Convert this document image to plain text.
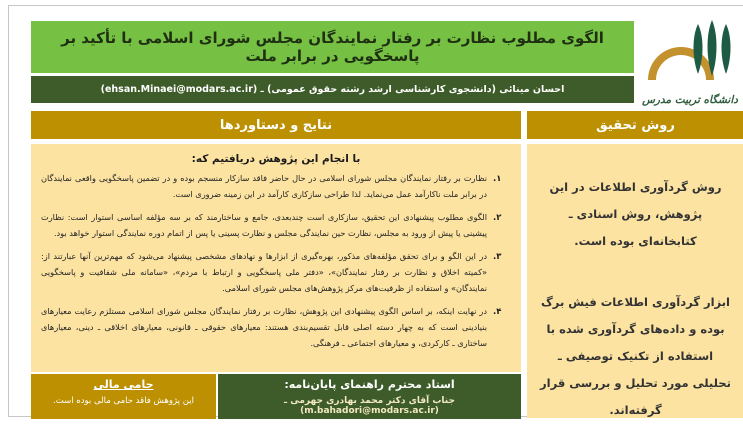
الگوی مطلوب نظارت بر رفتار نمایندگان مجلس شورای اسلامی با تأکید بر پاسخگویی در برابر ملت
احسان مینائی (دانشجوی کارشناسی ارشد رشته حقوق عمومی) ـ (ehsan.Minaei@modars.ac.ir)
دانشگاه تربیت مدرس
نتایج و دستاوردها	روش تحقیق
با انجام این پژوهش دریافتیم که:
۱.
نظارت بر رفتار نمایندگان مجلس شورای اسلامی در حال حاضر فاقد سازکار منسجم بوده و در تضمین پاسخگویی واقعی نمایندگان در برابر ملت ناکارآمد عمل می‌نماید. لذا طراحی سازکاری کارآمد در این زمینه ضروری است.
۲.
الگوی مطلوب پیشنهادی این تحقیق، سازکاری است چندبعدی، جامع و ساختارمند که بر سه مؤلفه اساسی استوار است: نظارت پیشینی یا پیش از ورود به مجلس، نظارت حین نمایندگی مجلس و نظارت پسینی یا پس از اتمام دوره نمایندگی استوار خواهد بود.
۳.
در این الگو و برای تحقق مؤلفه‌های مذکور، بهره‌گیری از ابزارها و نهادهای مشخصی پیشنهاد می‌شود که مهم‌ترین آنها عبارتند از: «کمیته اخلاق و نظارت بر رفتار نمایندگان»، «دفتر ملی پاسخگویی و ارتباط با مردم»، «سامانه ملی شفافیت و پاسخگویی نمایندگان» و استفاده از ظرفیت‌های مرکز پژوهش‌های مجلس شورای اسلامی.
۴.
در نهایت اینکه، بر اساس الگوی پیشنهادی این پژوهش، نظارت بر رفتار نمایندگان مجلس شورای اسلامی مستلزم رعایت معیارهای بنیادینی است که به چهار دسته اصلی قابل تقسیم‌بندی هستند: معیارهای حقوقی ـ قانونی، معیارهای اخلاقی ـ دینی، معیارهای ساختاری ـ کارکردی، و معیارهای اجتماعی ـ فرهنگی.
روش گردآوری اطلاعات در این پژوهش، روش اسنادی ـ کتابخانه‌ای بوده است.
ابزار گردآوری اطلاعات فیش برگ بوده و داده‌های گردآوری شده با استفاده از تکنیک توصیفی ـ تحلیلی مورد تحلیل و بررسی قرار گرفته‌اند.
حامی مالی
این پژوهش فاقد حامی مالی بوده است.
استاد محترم راهنمای پایان‌نامه:
جناب آقای دکتر محمد بهادری جهرمی ـ (m.bahadori@modars.ac.ir)
